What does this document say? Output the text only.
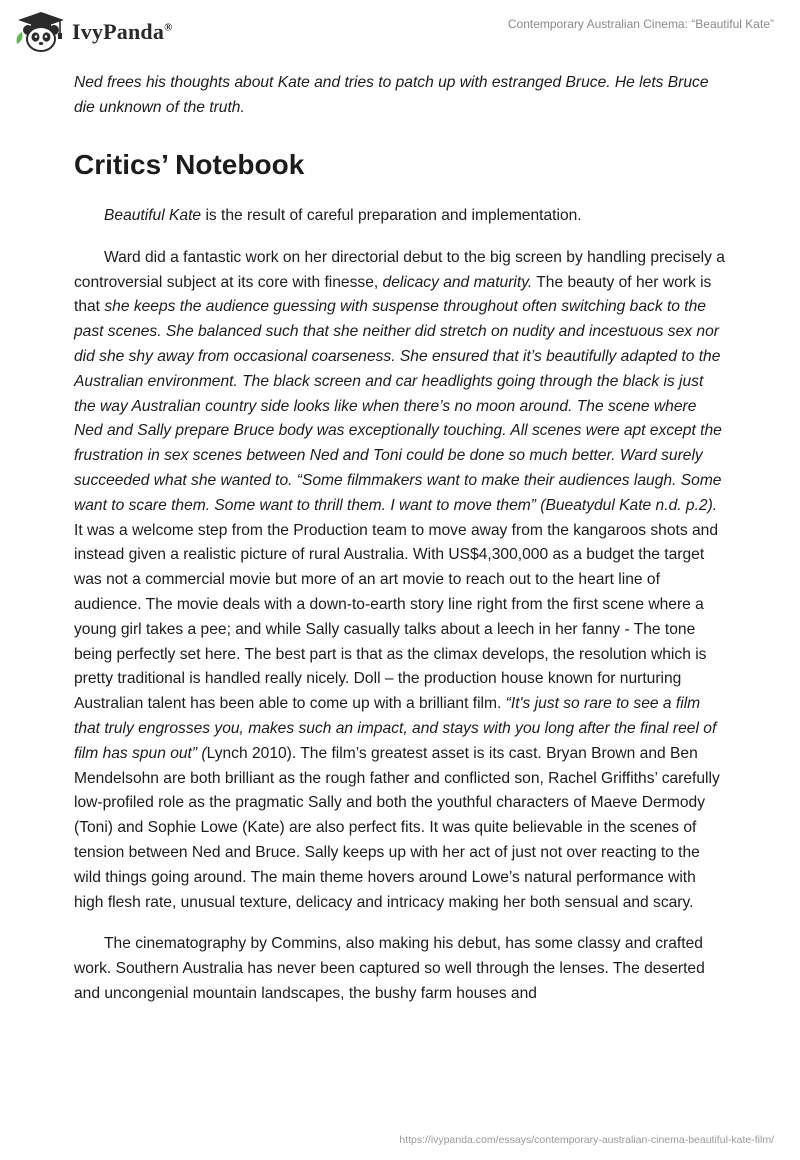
IvyPanda®	Contemporary Australian Cinema: “Beautiful Kate”

Ned frees his thoughts about Kate and tries to patch up with estranged Bruce. He lets Bruce die unknown of the truth.

Critics’ Notebook

Beautiful Kate is the result of careful preparation and implementation.

Ward did a fantastic work on her directorial debut to the big screen by handling precisely a controversial subject at its core with finesse, delicacy and maturity. The beauty of her work is that she keeps the audience guessing with suspense throughout often switching back to the past scenes. She balanced such that she neither did stretch on nudity and incestuous sex nor did she shy away from occasional coarseness. She ensured that it’s beautifully adapted to the Australian environment. The black screen and car headlights going through the black is just the way Australian country side looks like when there’s no moon around. The scene where Ned and Sally prepare Bruce body was exceptionally touching. All scenes were apt except the frustration in sex scenes between Ned and Toni could be done so much better. Ward surely succeeded what she wanted to. “Some filmmakers want to make their audiences laugh. Some want to scare them. Some want to thrill them. I want to move them” (Bueatydul Kate n.d. p.2). It was a welcome step from the Production team to move away from the kangaroos shots and instead given a realistic picture of rural Australia. With US$4,300,000 as a budget the target was not a commercial movie but more of an art movie to reach out to the heart line of audience. The movie deals with a down-to-earth story line right from the first scene where a young girl takes a pee; and while Sally casually talks about a leech in her fanny - The tone being perfectly set here. The best part is that as the climax develops, the resolution which is pretty traditional is handled really nicely. Doll – the production house known for nurturing Australian talent has been able to come up with a brilliant film. “It's just so rare to see a film that truly engrosses you, makes such an impact, and stays with you long after the final reel of film has spun out” (Lynch 2010). The film’s greatest asset is its cast. Bryan Brown and Ben Mendelsohn are both brilliant as the rough father and conflicted son, Rachel Griffiths’ carefully low-profiled role as the pragmatic Sally and both the youthful characters of Maeve Dermody (Toni) and Sophie Lowe (Kate) are also perfect fits. It was quite believable in the scenes of tension between Ned and Bruce. Sally keeps up with her act of just not over reacting to the wild things going around. The main theme hovers around Lowe’s natural performance with high flesh rate, unusual texture, delicacy and intricacy making her both sensual and scary.

The cinematography by Commins, also making his debut, has some classy and crafted work. Southern Australia has never been captured so well through the lenses. The deserted and uncongenial mountain landscapes, the bushy farm houses and

https://ivypanda.com/essays/contemporary-australian-cinema-beautiful-kate-film/
